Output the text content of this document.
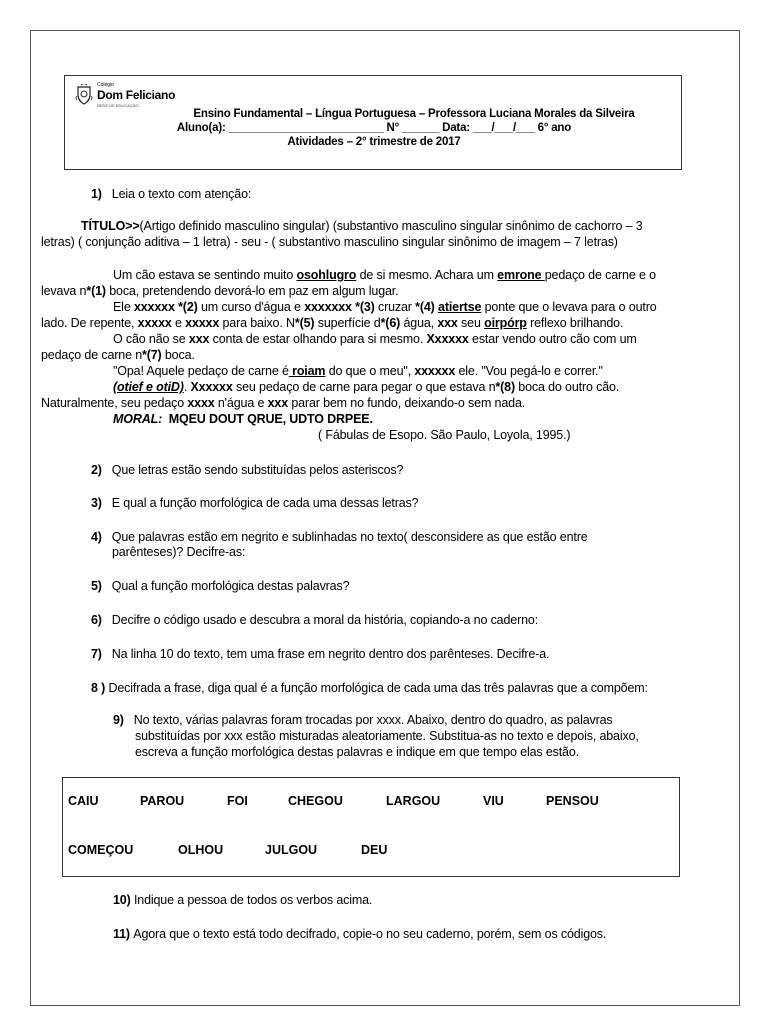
Colégio
Dom Feliciano
REDE DE EDUCAÇÃO
Ensino Fundamental – Língua Portuguesa – Professora Luciana Morales da Silveira
Aluno(a): _________________________ N° ______ Data: ___/___/___ 6° ano
Atividades – 2° trimestre de 2017
1) Leia o texto com atenção:
TÍTULO>>(Artigo definido masculino singular) (substantivo masculino singular sinônimo de cachorro – 3
letras) ( conjunção aditiva – 1 letra) - seu - ( substantivo masculino singular sinônimo de imagem – 7 letras)
Um cão estava se sentindo muito osohlugro de si mesmo. Achara um emrone pedaço de carne e o
levava n*(1) boca, pretendendo devorá-lo em paz em algum lugar.
Ele xxxxxx *(2) um curso d'água e xxxxxxx *(3) cruzar *(4) atiertse ponte que o levava para o outro
lado. De repente, xxxxx e xxxxx para baixo. N*(5) superfície d*(6) água, xxx seu oirpórp reflexo brilhando.
O cão não se xxx conta de estar olhando para si mesmo. Xxxxxx estar vendo outro cão com um
pedaço de carne n*(7) boca.
"Opa! Aquele pedaço de carne é roiam do que o meu", xxxxxx ele. "Vou pegá-lo e correr."
(otief e otiD). Xxxxxx seu pedaço de carne para pegar o que estava n*(8) boca do outro cão.
Naturalmente, seu pedaço xxxx n'água e xxx parar bem no fundo, deixando-o sem nada.
MORAL: MQEU DOUT QRUE, UDTO DRPEE.
( Fábulas de Esopo. São Paulo, Loyola, 1995.)
2) Que letras estão sendo substituídas pelos asteriscos?
3) E qual a função morfológica de cada uma dessas letras?
4) Que palavras estão em negrito e sublinhadas no texto( desconsidere as que estão entre
parênteses)? Decifre-as:
5) Qual a função morfológica destas palavras?
6) Decifre o código usado e descubra a moral da história, copiando-a no caderno:
7) Na linha 10 do texto, tem uma frase em negrito dentro dos parênteses. Decifre-a.
8 ) Decifrada a frase, diga qual é a função morfológica de cada uma das três palavras que a compõem:
9) No texto, várias palavras foram trocadas por xxxx. Abaixo, dentro do quadro, as palavras
substituídas por xxx estão misturadas aleatoriamente. Substitua-as no texto e depois, abaixo,
escreva a função morfológica destas palavras e indique em que tempo elas estão.
CAIU	PAROU	FOI	CHEGOU	LARGOU	VIU	PENSOU
COMEÇOU	OLHOU	JULGOU	DEU
10) Indique a pessoa de todos os verbos acima.
11) Agora que o texto está todo decifrado, copie-o no seu caderno, porém, sem os códigos.
